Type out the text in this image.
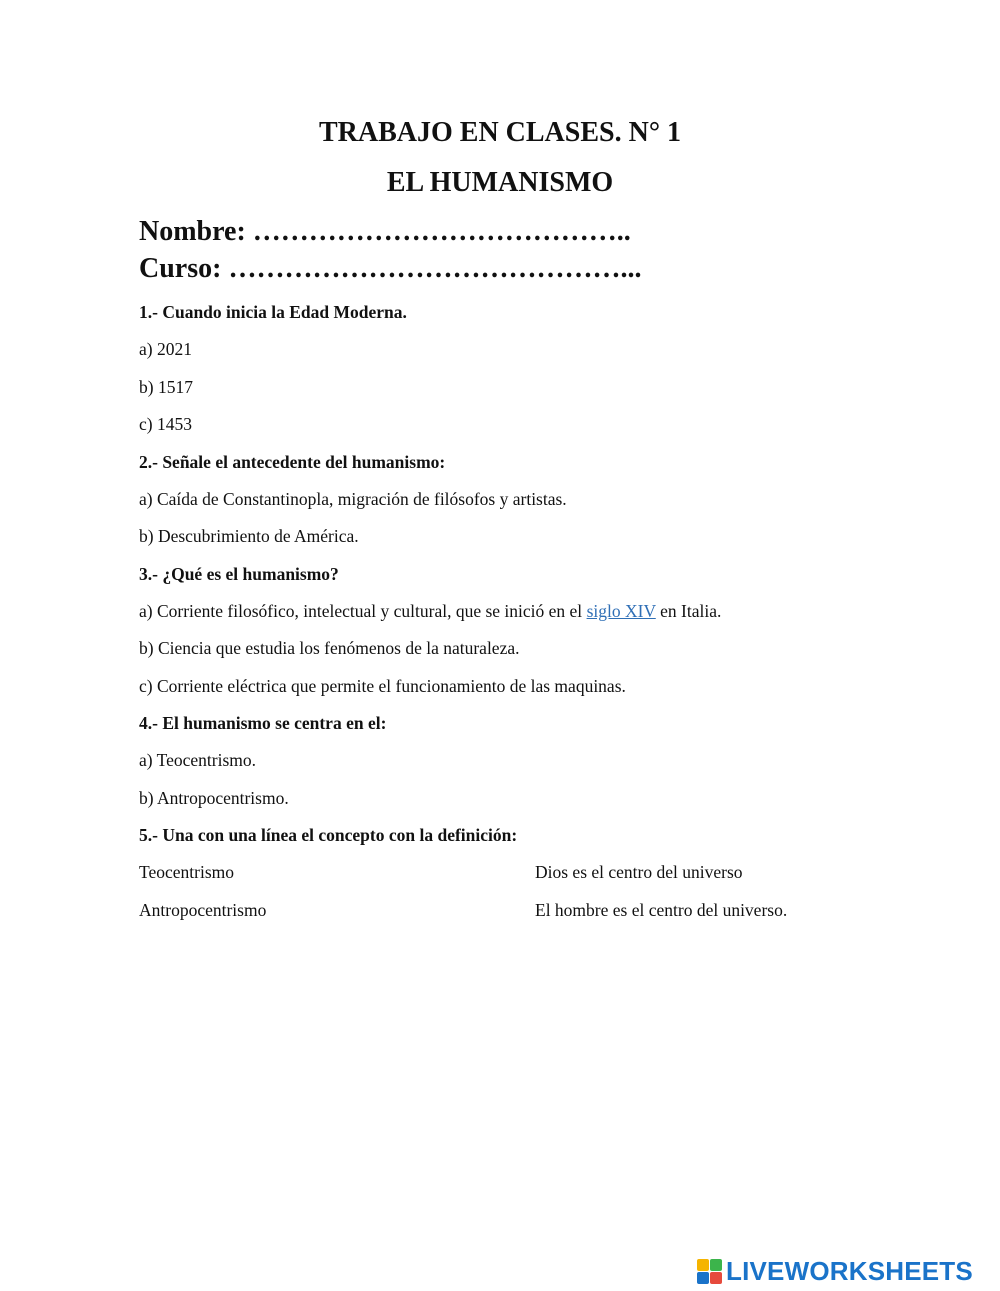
TRABAJO EN CLASES. N° 1
EL HUMANISMO
Nombre: …………………………………..
Curso: ……………………………………...
1.- Cuando inicia la Edad Moderna.
a) 2021
b) 1517
c) 1453
2.- Señale el antecedente del humanismo:
a) Caída de Constantinopla, migración de filósofos y artistas.
b) Descubrimiento de América.
3.- ¿Qué es el humanismo?
a) Corriente filosófico, intelectual y cultural, que se inició en el siglo XIV en Italia.
b) Ciencia que estudia los fenómenos de la naturaleza.
c) Corriente eléctrica que permite el funcionamiento de las maquinas.
4.- El humanismo se centra en el:
a) Teocentrismo.
b) Antropocentrismo.
5.- Una con una línea el concepto con la definición:
Teocentrismo	Dios es el centro del universo
Antropocentrismo	El hombre es el centro del universo.
LIVEWORKSHEETS
